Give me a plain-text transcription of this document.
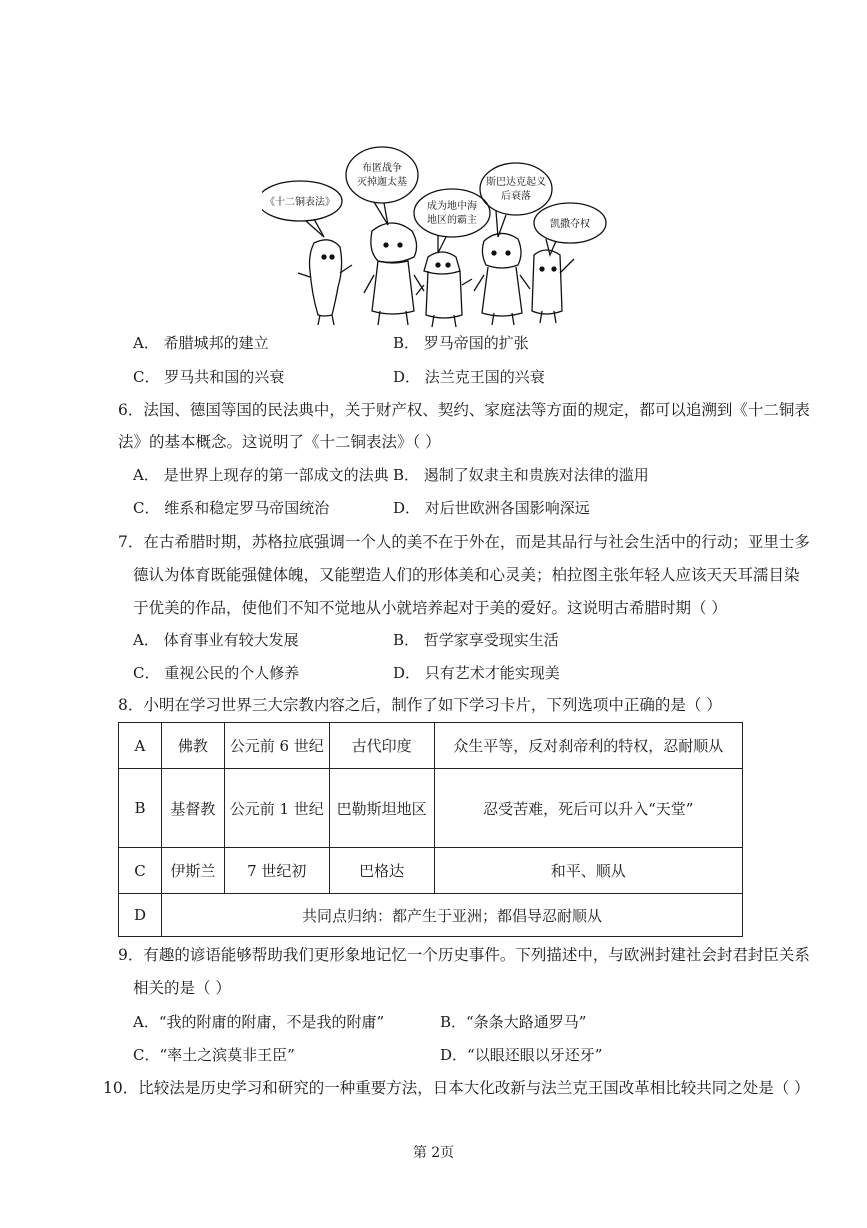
《十二铜表法》
布匿战争
灭掉迦太基
成为地中海
地区的霸主
斯巴达克起义
后衰落
凯撒夺权
A． 希腊城邦的建立	B． 罗马帝国的扩张
C． 罗马共和国的兴衰	D． 法兰克王国的兴衰
6．法国、德国等国的民法典中，关于财产权、契约、家庭法等方面的规定，都可以追溯到《十二铜表
法》的基本概念。这说明了《十二铜表法》（ ）
A． 是世界上现存的第一部成文的法典 B． 遏制了奴隶主和贵族对法律的滥用
C． 维系和稳定罗马帝国统治	D． 对后世欧洲各国影响深远
7．在古希腊时期，苏格拉底强调一个人的美不在于外在，而是其品行与社会生活中的行动；亚里士多
德认为体育既能强健体魄，又能塑造人们的形体美和心灵美；柏拉图主张年轻人应该天天耳濡目染
于优美的作品，使他们不知不觉地从小就培养起对于美的爱好。这说明古希腊时期（ ）
A． 体育事业有较大发展	B． 哲学家享受现实生活
C． 重视公民的个人修养	D． 只有艺术才能实现美
8．小明在学习世界三大宗教内容之后，制作了如下学习卡片，下列选项中正确的是（ ）
A	佛教	公元前 6 世纪	古代印度	众生平等，反对刹帝利的特权，忍耐顺从
B	基督教	公元前 1 世纪	巴勒斯坦地区	忍受苦难，死后可以升入“天堂”
C	伊斯兰	7 世纪初	巴格达	和平、顺从
D	共同点归纳：都产生于亚洲；都倡导忍耐顺从			
9．有趣的谚语能够帮助我们更形象地记忆一个历史事件。下列描述中，与欧洲封建社会封君封臣关系
相关的是（ ）
A．“我的附庸的附庸，不是我的附庸”	B．“条条大路通罗马”
C．“率土之滨莫非王臣”	D．“以眼还眼以牙还牙”
10．比较法是历史学习和研究的一种重要方法，日本大化改新与法兰克王国改革相比较共同之处是（ ）
第 2页
